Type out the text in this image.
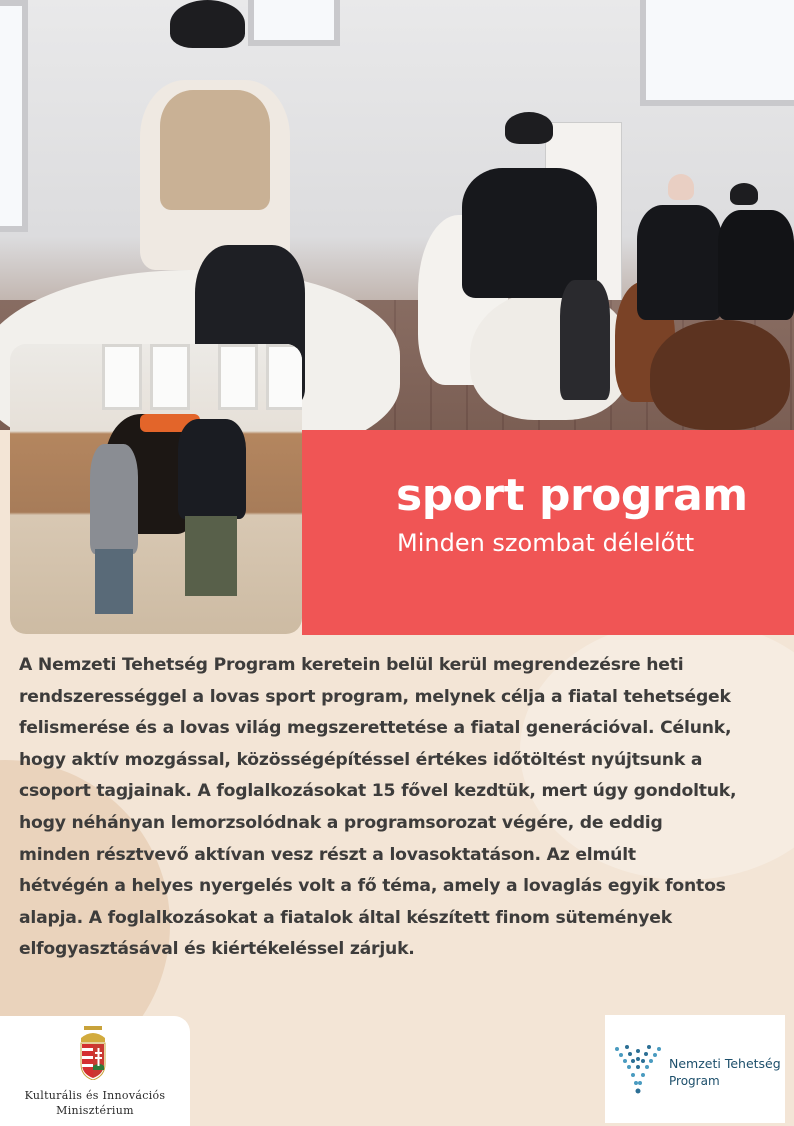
sport program

Minden szombat délelőtt

A Nemzeti Tehetség Program keretein belül kerül megrendezésre heti
rendszerességgel a lovas sport program, melynek célja a fiatal tehetségek
felismerése és a lovas világ megszerettetése a fiatal generációval. Célunk,
hogy aktív mozgással, közösségépítéssel értékes időtöltést nyújtsunk a
csoport tagjainak. A foglalkozásokat 15 fővel kezdtük, mert úgy gondoltuk,
hogy néhányan lemorzsolódnak a programsorozat végére, de eddig
minden résztvevő aktívan vesz részt a lovasoktatáson. Az elmúlt
hétvégén a helyes nyergelés volt a fő téma, amely a lovaglás egyik fontos
alapja. A foglalkozásokat a fiatalok által készített finom sütemények
elfogyasztásával és kiértékeléssel zárjuk.

Kulturális és Innovációs

Minisztérium

Nemzeti Tehetség

Program
